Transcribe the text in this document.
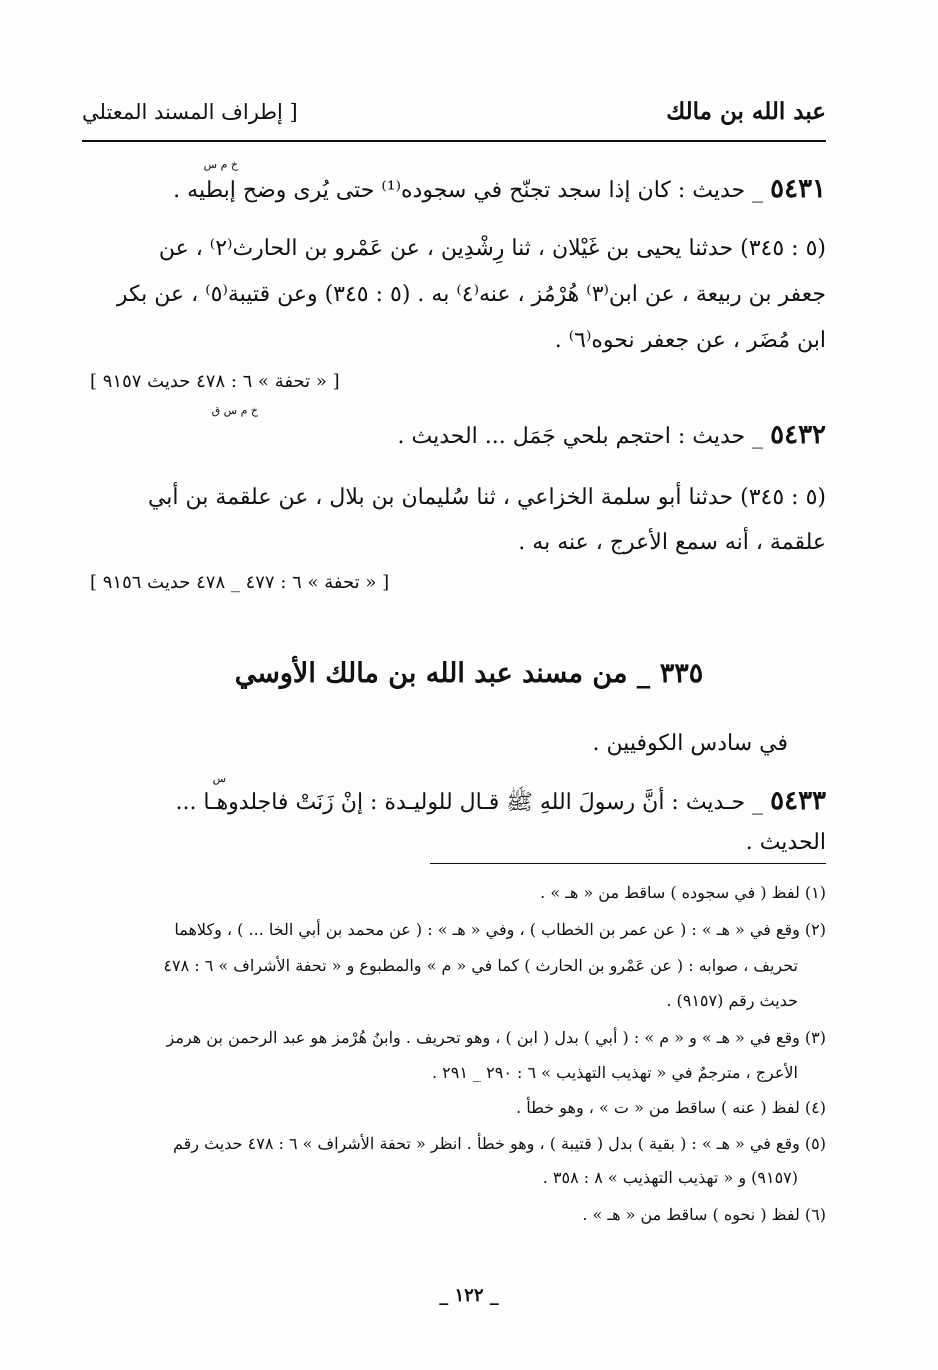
عبد الله بن مالك
[ إطراف المسند المعتلي
خ م س
٥٤٣١ _ حديث : كان إذا سجد تجنّح في سجوده⁽¹⁾ حتى يُرى وضح إبطيه .
(٥ : ٣٤٥) حدثنا يحيى بن غَيْلان ، ثنا رِشْدِين ، عن عَمْرو بن الحارث⁽٢⁾ ، عن
جعفر بن ربيعة ، عن ابن⁽٣⁾ هُرْمُز ، عنه⁽٤⁾ به . (٥ : ٣٤٥) وعن قتيبة⁽٥⁾ ، عن بكر
ابن مُضَر ، عن جعفر نحوه⁽٦⁾ .
[ « تحفة » ٦ : ٤٧٨ حديث ٩١٥٧ ]
خ م س ق
٥٤٣٢ _ حديث : احتجم بلحي جَمَل ... الحديث .
(٥ : ٣٤٥) حدثنا أبو سلمة الخزاعي ، ثنا سُليمان بن بلال ، عن علقمة بن أبي
علقمة ، أنه سمع الأعرج ، عنه به .
[ « تحفة » ٦ : ٤٧٧ _ ٤٧٨ حديث ٩١٥٦ ]
٣٣٥ _ من مسند عبد الله بن مالك الأوسي
في سادس الكوفيين .
س
٥٤٣٣ _ حـديث : أنَّ رسولَ اللهِ ﷺ قـال للوليـدة : إنْ زَنَتْ فاجلدوهـا ...
الحديث .
(١) لفظ ( في سجوده ) ساقط من « هـ » .
(٢) وقع في « هـ » : ( عن عمر بن الخطاب ) ، وفي « هـ » : ( عن محمد بن أبي الخا ... ) ، وكلاهما
تحريف ، صوابه : ( عن عَمْرو بن الحارث ) كما في « م » والمطبوع و « تحفة الأشراف » ٦ : ٤٧٨
حديث رقم (٩١٥٧) .
(٣) وقع في « هـ » و « م » : ( أبي ) بدل ( ابن ) ، وهو تحريف . وابنُ هُرْمز هو عبد الرحمن بن هرمز
الأعرج ، مترجمٌ في « تهذيب التهذيب » ٦ : ٢٩٠ _ ٢٩١ .
(٤) لفظ ( عنه ) ساقط من « ت » ، وهو خطأ .
(٥) وقع في « هـ » : ( بقية ) بدل ( قتيبة ) ، وهو خطأ . انظر « تحفة الأشراف » ٦ : ٤٧٨ حديث رقم
(٩١٥٧) و « تهذيب التهذيب » ٨ : ٣٥٨ .
(٦) لفظ ( نحوه ) ساقط من « هـ » .
_ ١٢٢ _
